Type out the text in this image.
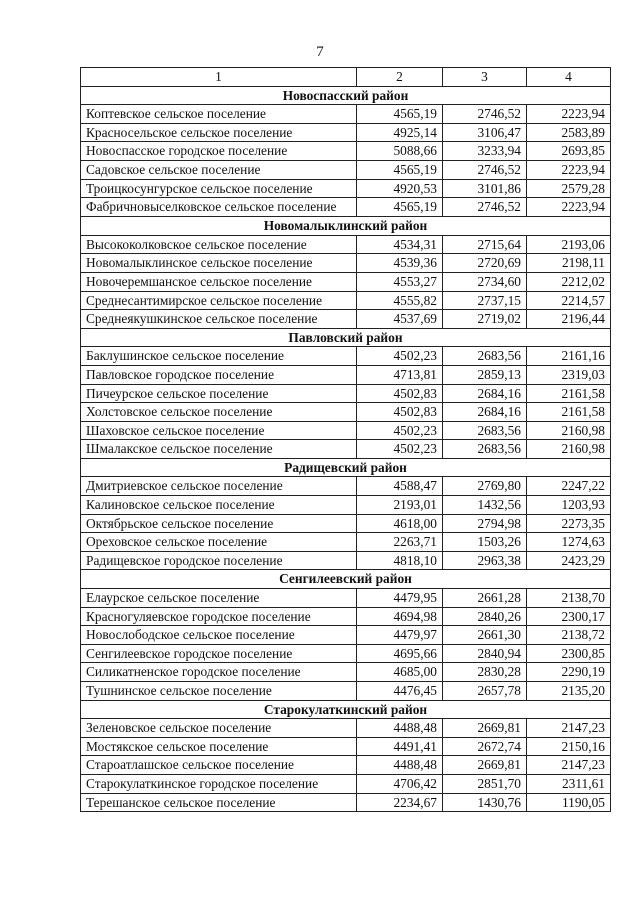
7
1	2	3	4
Новоспасский район			
Коптевское сельское поселение	4565,19	2746,52	2223,94
Красносельское сельское поселение	4925,14	3106,47	2583,89
Новоспасское городское поселение	5088,66	3233,94	2693,85
Садовское сельское поселение	4565,19	2746,52	2223,94
Троицкосунгурское сельское поселение	4920,53	3101,86	2579,28
Фабричновыселковское сельское поселение	4565,19	2746,52	2223,94
Новомалыклинский район			
Высококолковское сельское поселение	4534,31	2715,64	2193,06
Новомалыклинское сельское поселение	4539,36	2720,69	2198,11
Новочеремшанское сельское поселение	4553,27	2734,60	2212,02
Среднесантимирское сельское поселение	4555,82	2737,15	2214,57
Среднеякушкинское сельское поселение	4537,69	2719,02	2196,44
Павловский район			
Баклушинское сельское поселение	4502,23	2683,56	2161,16
Павловское городское поселение	4713,81	2859,13	2319,03
Пичеурское сельское поселение	4502,83	2684,16	2161,58
Холстовское сельское поселение	4502,83	2684,16	2161,58
Шаховское сельское поселение	4502,23	2683,56	2160,98
Шмалакское сельское поселение	4502,23	2683,56	2160,98
Радищевский район			
Дмитриевское сельское поселение	4588,47	2769,80	2247,22
Калиновское сельское поселение	2193,01	1432,56	1203,93
Октябрьское сельское поселение	4618,00	2794,98	2273,35
Ореховское сельское поселение	2263,71	1503,26	1274,63
Радищевское городское поселение	4818,10	2963,38	2423,29
Сенгилеевский район			
Елаурское сельское поселение	4479,95	2661,28	2138,70
Красногуляевское городское поселение	4694,98	2840,26	2300,17
Новослободское сельское поселение	4479,97	2661,30	2138,72
Сенгилеевское городское поселение	4695,66	2840,94	2300,85
Силикатненское городское поселение	4685,00	2830,28	2290,19
Тушнинское сельское поселение	4476,45	2657,78	2135,20
Старокулаткинский район			
Зеленовское сельское поселение	4488,48	2669,81	2147,23
Мостякское сельское поселение	4491,41	2672,74	2150,16
Староатлашское сельское поселение	4488,48	2669,81	2147,23
Старокулаткинское городское поселение	4706,42	2851,70	2311,61
Терешанское сельское поселение	2234,67	1430,76	1190,05
